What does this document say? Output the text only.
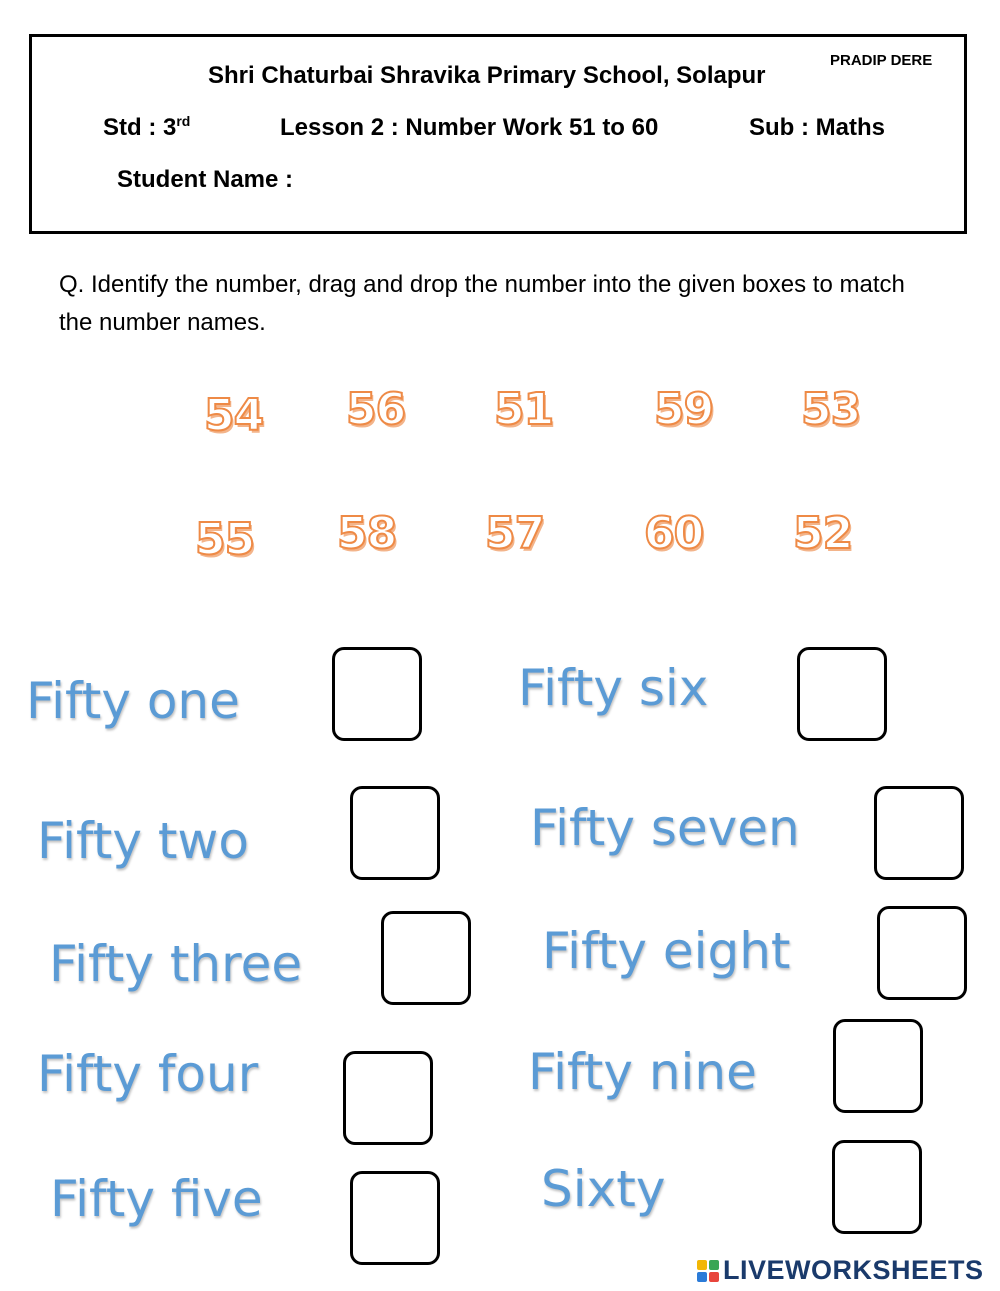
Shri Chaturbai Shravika Primary School, Solapur
PRADIP DERE
Std : 3rd	Lesson 2 : Number Work 51 to 60	Sub : Maths
Student Name :
Q. Identify the number, drag and drop the number into the given boxes to match the number names.
54 56 51 59 53
55 58 57 60 52
Fifty one
Fifty two
Fifty three
Fifty four
Fifty five
Fifty six
Fifty seven
Fifty eight
Fifty nine
Sixty
LIVEWORKSHEETS
